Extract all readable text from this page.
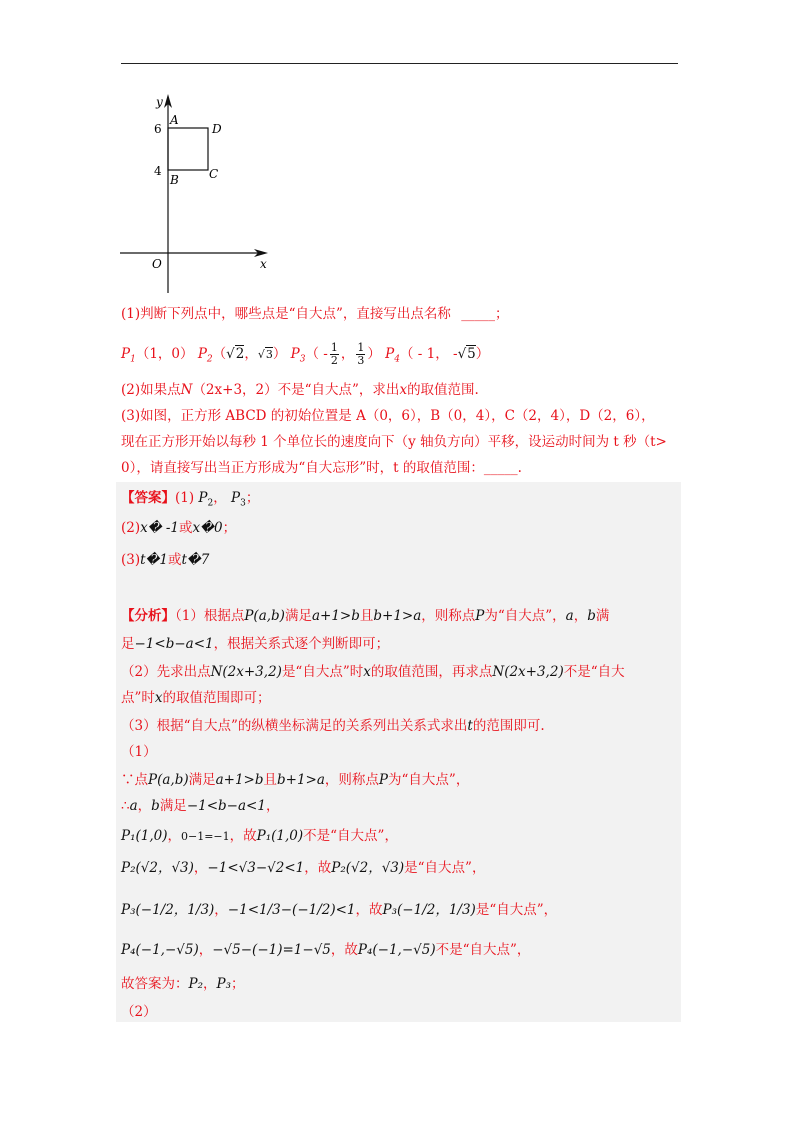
y
x
O
6
4
A
B	C
D
(1)判断下列点中，哪些点是“自大点”，直接写出点名称 _____；
$P_1(1$，0） $P_2(√2$，√3） $P_3( - \frac{1}{2}$ ， $\frac{1}{3}$ ） $P_4( - 1$， -√5）
(2)如果点N（2x+3，2）不是“自大点”，求出x的取值范围.
(3)如图，正方形 ABCD 的初始位置是 A（0，6），B（0，4），C（2，4），D（2，6），
现在正方形开始以每秒 1 个单位长的速度向下（y 轴负方向）平移，设运动时间为 t 秒（t>
0），请直接写出当正方形成为“自大忘形”时，t 的取值范围：_____.
【答案】(1) $P_2$， $P_3$；
(2)x� -1或x�0；
(3)t�1或t�7
【分析】（1）根据点P(a,b)满足a+1>b且b+1>a，则称点P为“自大点”，a，b满
足−1<b−a<1，根据关系式逐个判断即可；
（2）先求出点N(2x+3,2)是“自大点”时x的取值范围，再求点N(2x+3,2)不是“自大
点”时x的取值范围即可；
（3）根据“自大点”的纵横坐标满足的关系列出关系式求出t的范围即可.
（1）
∵点P(a,b)满足a+1>b且b+1>a，则称点P为“自大点”，
∴a，b满足−1<b−a<1，
P₁(1,0)，0−1=−1，故P₁(1,0)不是“自大点”，
P₂(√2，√3)，−1<√3−√2<1，故P₂(√2，√3)是“自大点”，
P₃(−1/2，1/3)，−1<1/3−(−1/2)<1，故P₃(−1/2，1/3)是“自大点”，
P₄(−1,−√5)，−√5−(−1)=1−√5，故P₄(−1,−√5)不是“自大点”，
故答案为：P₂，P₃；
（2）
